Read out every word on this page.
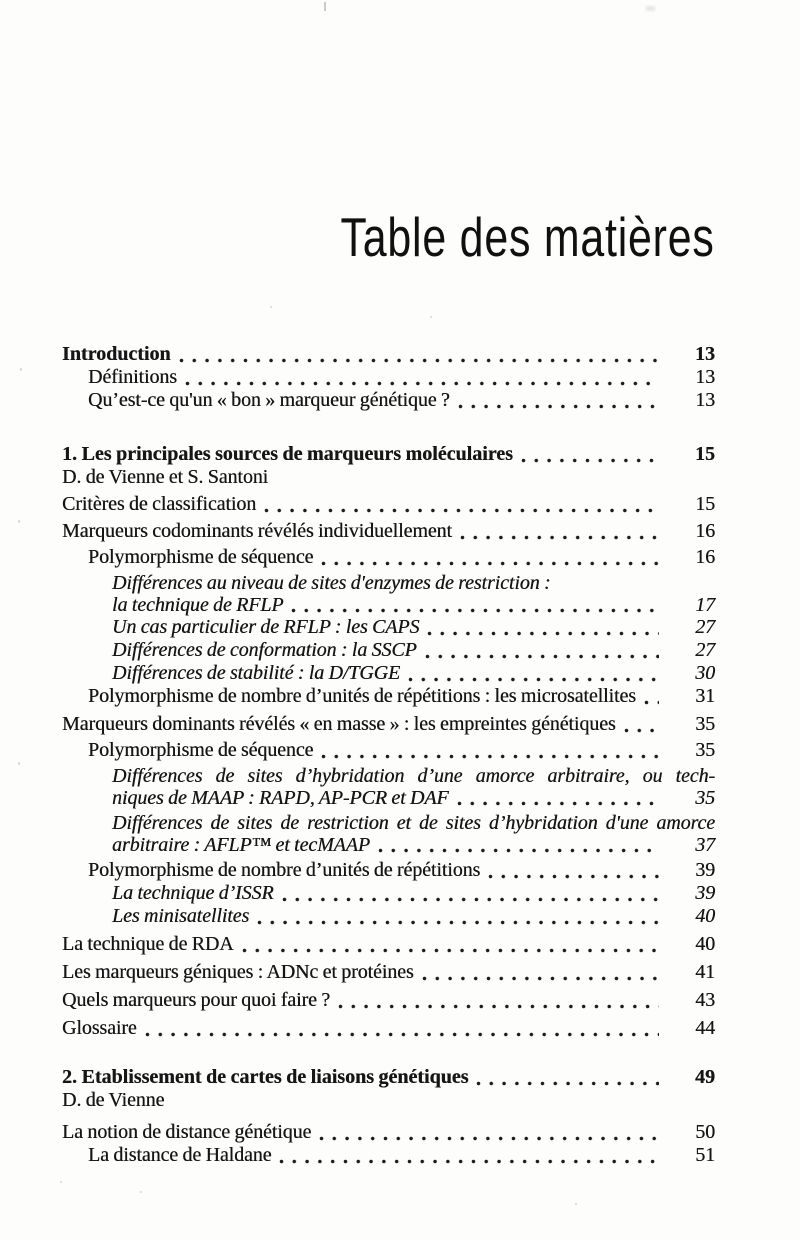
Table des matières
Introduction	13
Définitions	13
Qu’est-ce qu'un « bon » marqueur génétique ?	13
1. Les principales sources de marqueurs moléculaires	15
D. de Vienne et S. Santoni
Critères de classification	15
Marqueurs codominants révélés individuellement	16
Polymorphisme de séquence	16
Différences au niveau de sites d'enzymes de restriction :
la technique de RFLP	17
Un cas particulier de RFLP : les CAPS	27
Différences de conformation : la SSCP	27
Différences de stabilité : la D/TGGE	30
Polymorphisme de nombre d’unités de répétitions : les microsatellites	31
Marqueurs dominants révélés « en masse » : les empreintes génétiques	35
Polymorphisme de séquence	35
Différences de sites d’hybridation d’une amorce arbitraire, ou tech-
niques de MAAP : RAPD, AP-PCR et DAF	35
Différences de sites de restriction et de sites d’hybridation d'une amorce
arbitraire : AFLP™ et tecMAAP	37
Polymorphisme de nombre d’unités de répétitions	39
La technique d’ISSR	39
Les minisatellites	40
La technique de RDA	40
Les marqueurs géniques : ADNc et protéines	41
Quels marqueurs pour quoi faire ?	43
Glossaire	44
2. Etablissement de cartes de liaisons génétiques	49
D. de Vienne
La notion de distance génétique	50
La distance de Haldane	51
